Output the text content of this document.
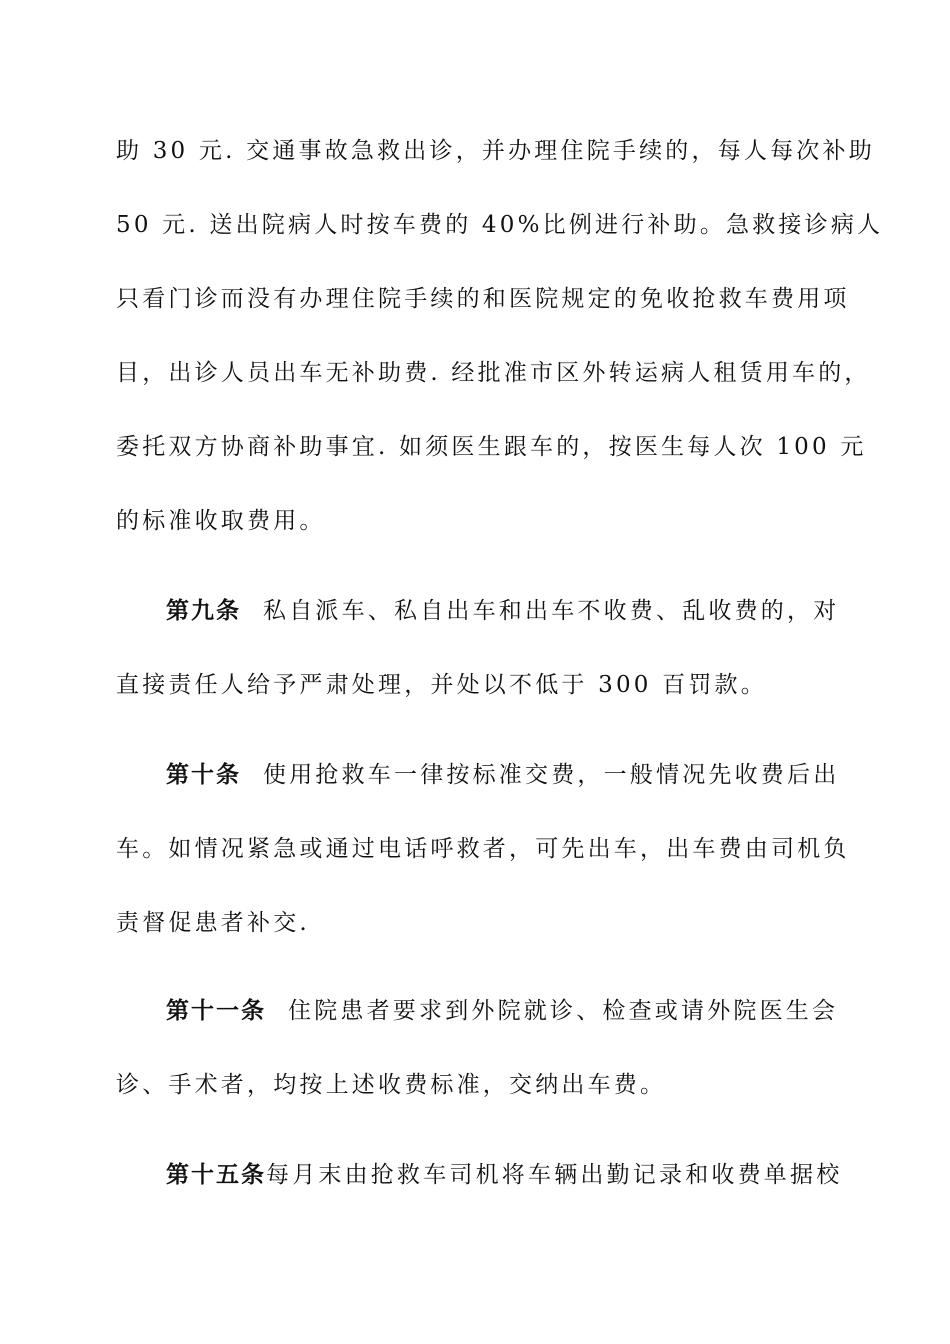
助 30 元. 交通事故急救出诊，并办理住院手续的，每人每次补助
50 元. 送出院病人时按车费的 40%比例进行补助。急救接诊病人
只看门诊而没有办理住院手续的和医院规定的免收抢救车费用项
目，出诊人员出车无补助费. 经批准市区外转运病人租赁用车的，
委托双方协商补助事宜. 如须医生跟车的，按医生每人次 100 元
的标准收取费用。
第九条 私自派车、私自出车和出车不收费、乱收费的，对
直接责任人给予严肃处理，并处以不低于 300 百罚款。
第十条 使用抢救车一律按标准交费，一般情况先收费后出
车。如情况紧急或通过电话呼救者，可先出车，出车费由司机负
责督促患者补交.
第十一条 住院患者要求到外院就诊、检查或请外院医生会
诊、手术者，均按上述收费标准，交纳出车费。
第十五条每月末由抢救车司机将车辆出勤记录和收费单据校
